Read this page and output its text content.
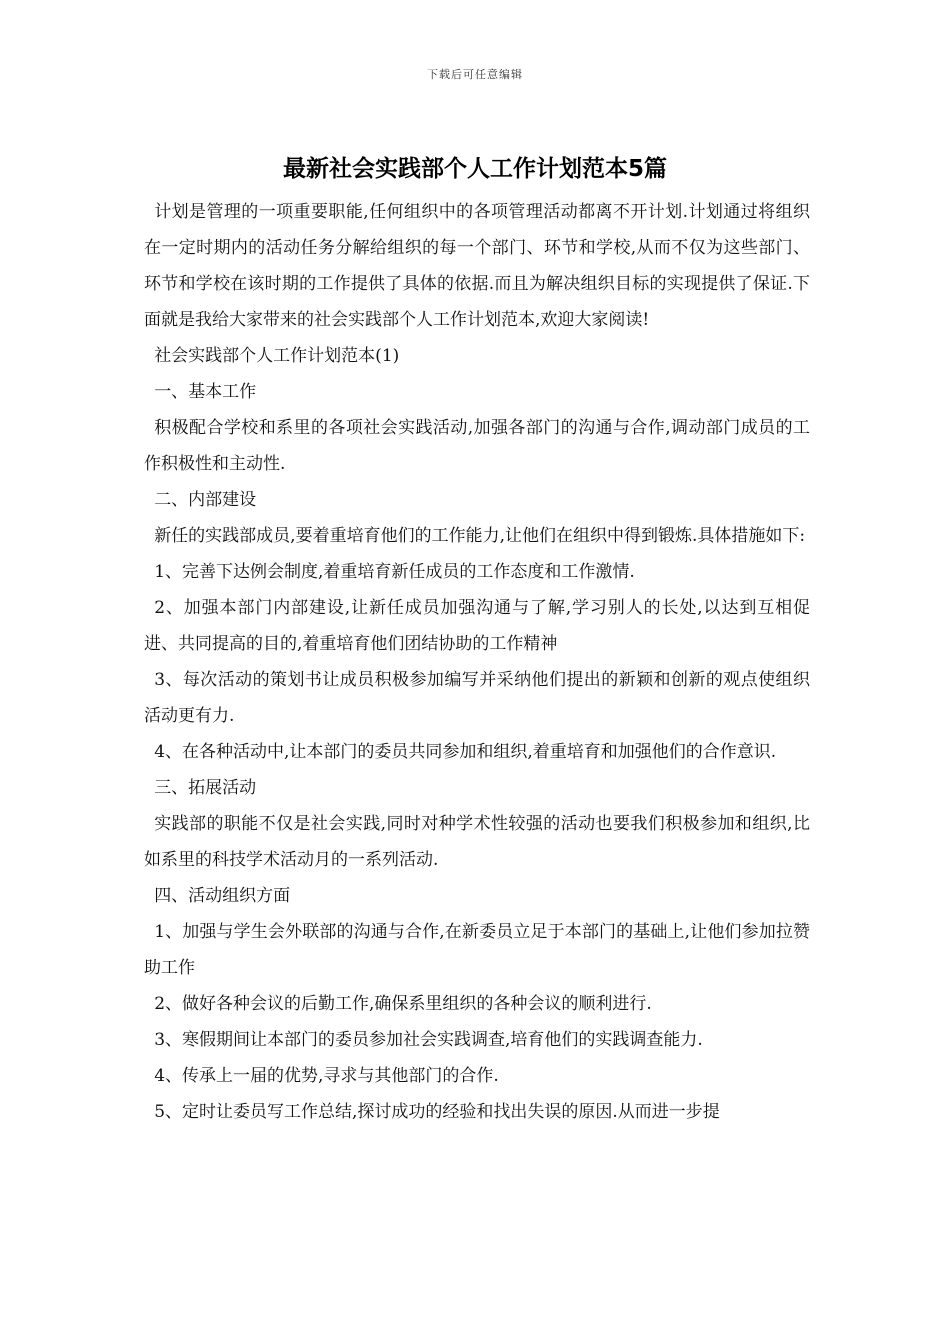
下载后可任意编辑
最新社会实践部个人工作计划范本5篇

计划是管理的一项重要职能,任何组织中的各项管理活动都离不开计划.计划通过将组织在一定时期内的活动任务分解给组织的每一个部门、环节和学校,从而不仅为这些部门、环节和学校在该时期的工作提供了具体的依据.而且为解决组织目标的实现提供了保证.下面就是我给大家带来的社会实践部个人工作计划范本,欢迎大家阅读!

社会实践部个人工作计划范本(1)

一、基本工作

积极配合学校和系里的各项社会实践活动,加强各部门的沟通与合作,调动部门成员的工作积极性和主动性.

二、内部建设

新任的实践部成员,要着重培育他们的工作能力,让他们在组织中得到锻炼.具体措施如下:

1、完善下达例会制度,着重培育新任成员的工作态度和工作激情.

2、加强本部门内部建设,让新任成员加强沟通与了解,学习别人的长处,以达到互相促进、共同提高的目的,着重培育他们团结协助的工作精神

3、每次活动的策划书让成员积极参加编写并采纳他们提出的新颖和创新的观点使组织活动更有力.

4、在各种活动中,让本部门的委员共同参加和组织,着重培育和加强他们的合作意识.

三、拓展活动

实践部的职能不仅是社会实践,同时对种学术性较强的活动也要我们积极参加和组织,比如系里的科技学术活动月的一系列活动.

四、活动组织方面

1、加强与学生会外联部的沟通与合作,在新委员立足于本部门的基础上,让他们参加拉赞助工作

2、做好各种会议的后勤工作,确保系里组织的各种会议的顺利进行.

3、寒假期间让本部门的委员参加社会实践调查,培育他们的实践调查能力.

4、传承上一届的优势,寻求与其他部门的合作.

5、定时让委员写工作总结,探讨成功的经验和找出失误的原因.从而进一步提
